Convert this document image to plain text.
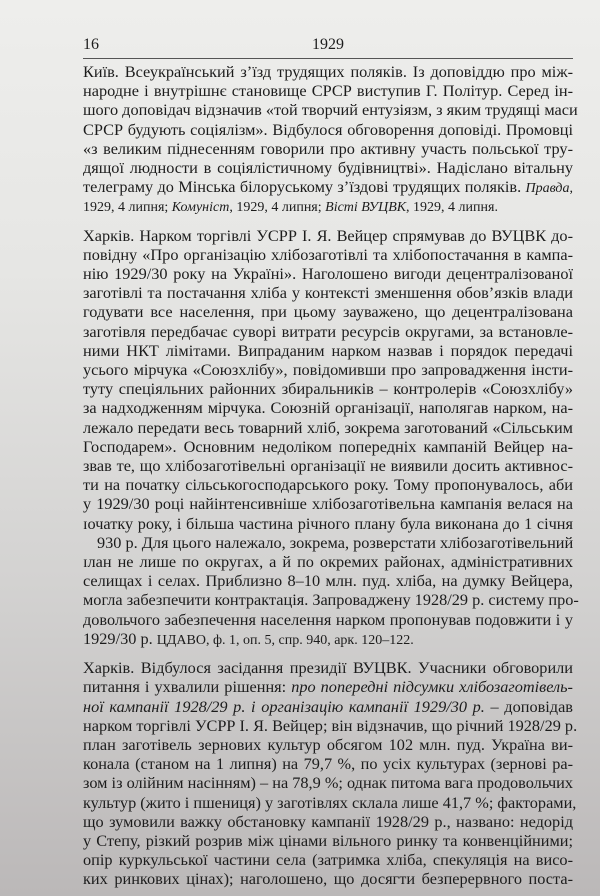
16	1929
Київ. Всеукраїнський з’їзд трудящих поляків. Із доповіддю про між-
народне і внутрішнє становище СРСР виступив Г. Політур. Серед ін-
шого доповідач відзначив «той творчий ентузіязм, з яким трудящі маси
СРСР будують соціялізм». Відбулося обговорення доповіді. Промовці
«з великим піднесенням говорили про активну участь польської тру-
дящої людности в соціялістичному будівництві». Надіслано вітальну
телеграму до Мінська білоруському з’їздові трудящих поляків. Правда,
1929, 4 липня; Комуніст, 1929, 4 липня; Вісті ВУЦВК, 1929, 4 липня.
Харків. Нарком торгівлі УСРР І. Я. Вейцер спрямував до ВУЦВК до-
повідну «Про організацію хлібозаготівлі та хлібопостачання в кампа-
нію 1929/30 року на Україні». Наголошено вигоди децентралізованої
заготівлі та постачання хліба у контексті зменшення обов’язків влади
годувати все населення, при цьому зауважено, що децентралізована
заготівля передбачає суворі витрати ресурсів округами, за встановле-
ними НКТ лімітами. Випраданим нарком назвав і порядок передачі
усього мірчука «Союзхлібу», повідомивши про запровадження інсти-
туту спеціяльних районних збиральників – контролерів «Союзхлібу»
за надходженням мірчука. Союзній організації, наполягав нарком, на-
лежало передати весь товарний хліб, зокрема заготований «Сільським
Господарем». Основним недоліком попередніх кампаній Вейцер на-
звав те, що хлібозаготівельні організації не виявили досить активнос-
ти на початку сільськогосподарського року. Тому пропонувалось, аби
у 1929/30 році найінтенсивніше хлібозаготівельна кампанія велася на
ɪочатку року, і більша частина річного плану була виконана до 1 січня
930 р. Для цього належало, зокрема, розверстати хлібозаготівельний
ɪлан не лише по округах, а й по окремих районах, адміністративних
селищах і селах. Приблизно 8–10 млн. пуд. хліба, на думку Вейцера,
могла забезпечити контрактація. Запроваджену 1928/29 р. систему про-
довольчого забезпечення населення нарком пропонував подовжити і у
1929/30 р. ЦДАВО, ф. 1, оп. 5, спр. 940, арк. 120–122.
Харків. Відбулося засідання президії ВУЦВК. Учасники обговорили
питання і ухвалили рішення: про попередні підсумки хлібозаготівель-
ної кампанії 1928/29 р. і організацію кампанії 1929/30 р. – доповідав
нарком торгівлі УСРР І. Я. Вейцер; він відзначив, що річний 1928/29 р.
план заготівель зернових культур обсягом 102 млн. пуд. Україна ви-
конала (станом на 1 липня) на 79,7 %, по усіх культурах (зернові ра-
зом із олійним насінням) – на 78,9 %; однак питома вага продовольчих
культур (жито і пшениця) у заготівлях склала лише 41,7 %; факторами,
що зумовили важку обстановку кампанії 1928/29 р., названо: недорід
у Степу, різкий розрив між цінами вільного ринку та конвенційними;
опір куркульської частини села (затримка хліба, спекуляція на висо-
ких ринкових цінах); наголошено, що досягти безперервного поста-
